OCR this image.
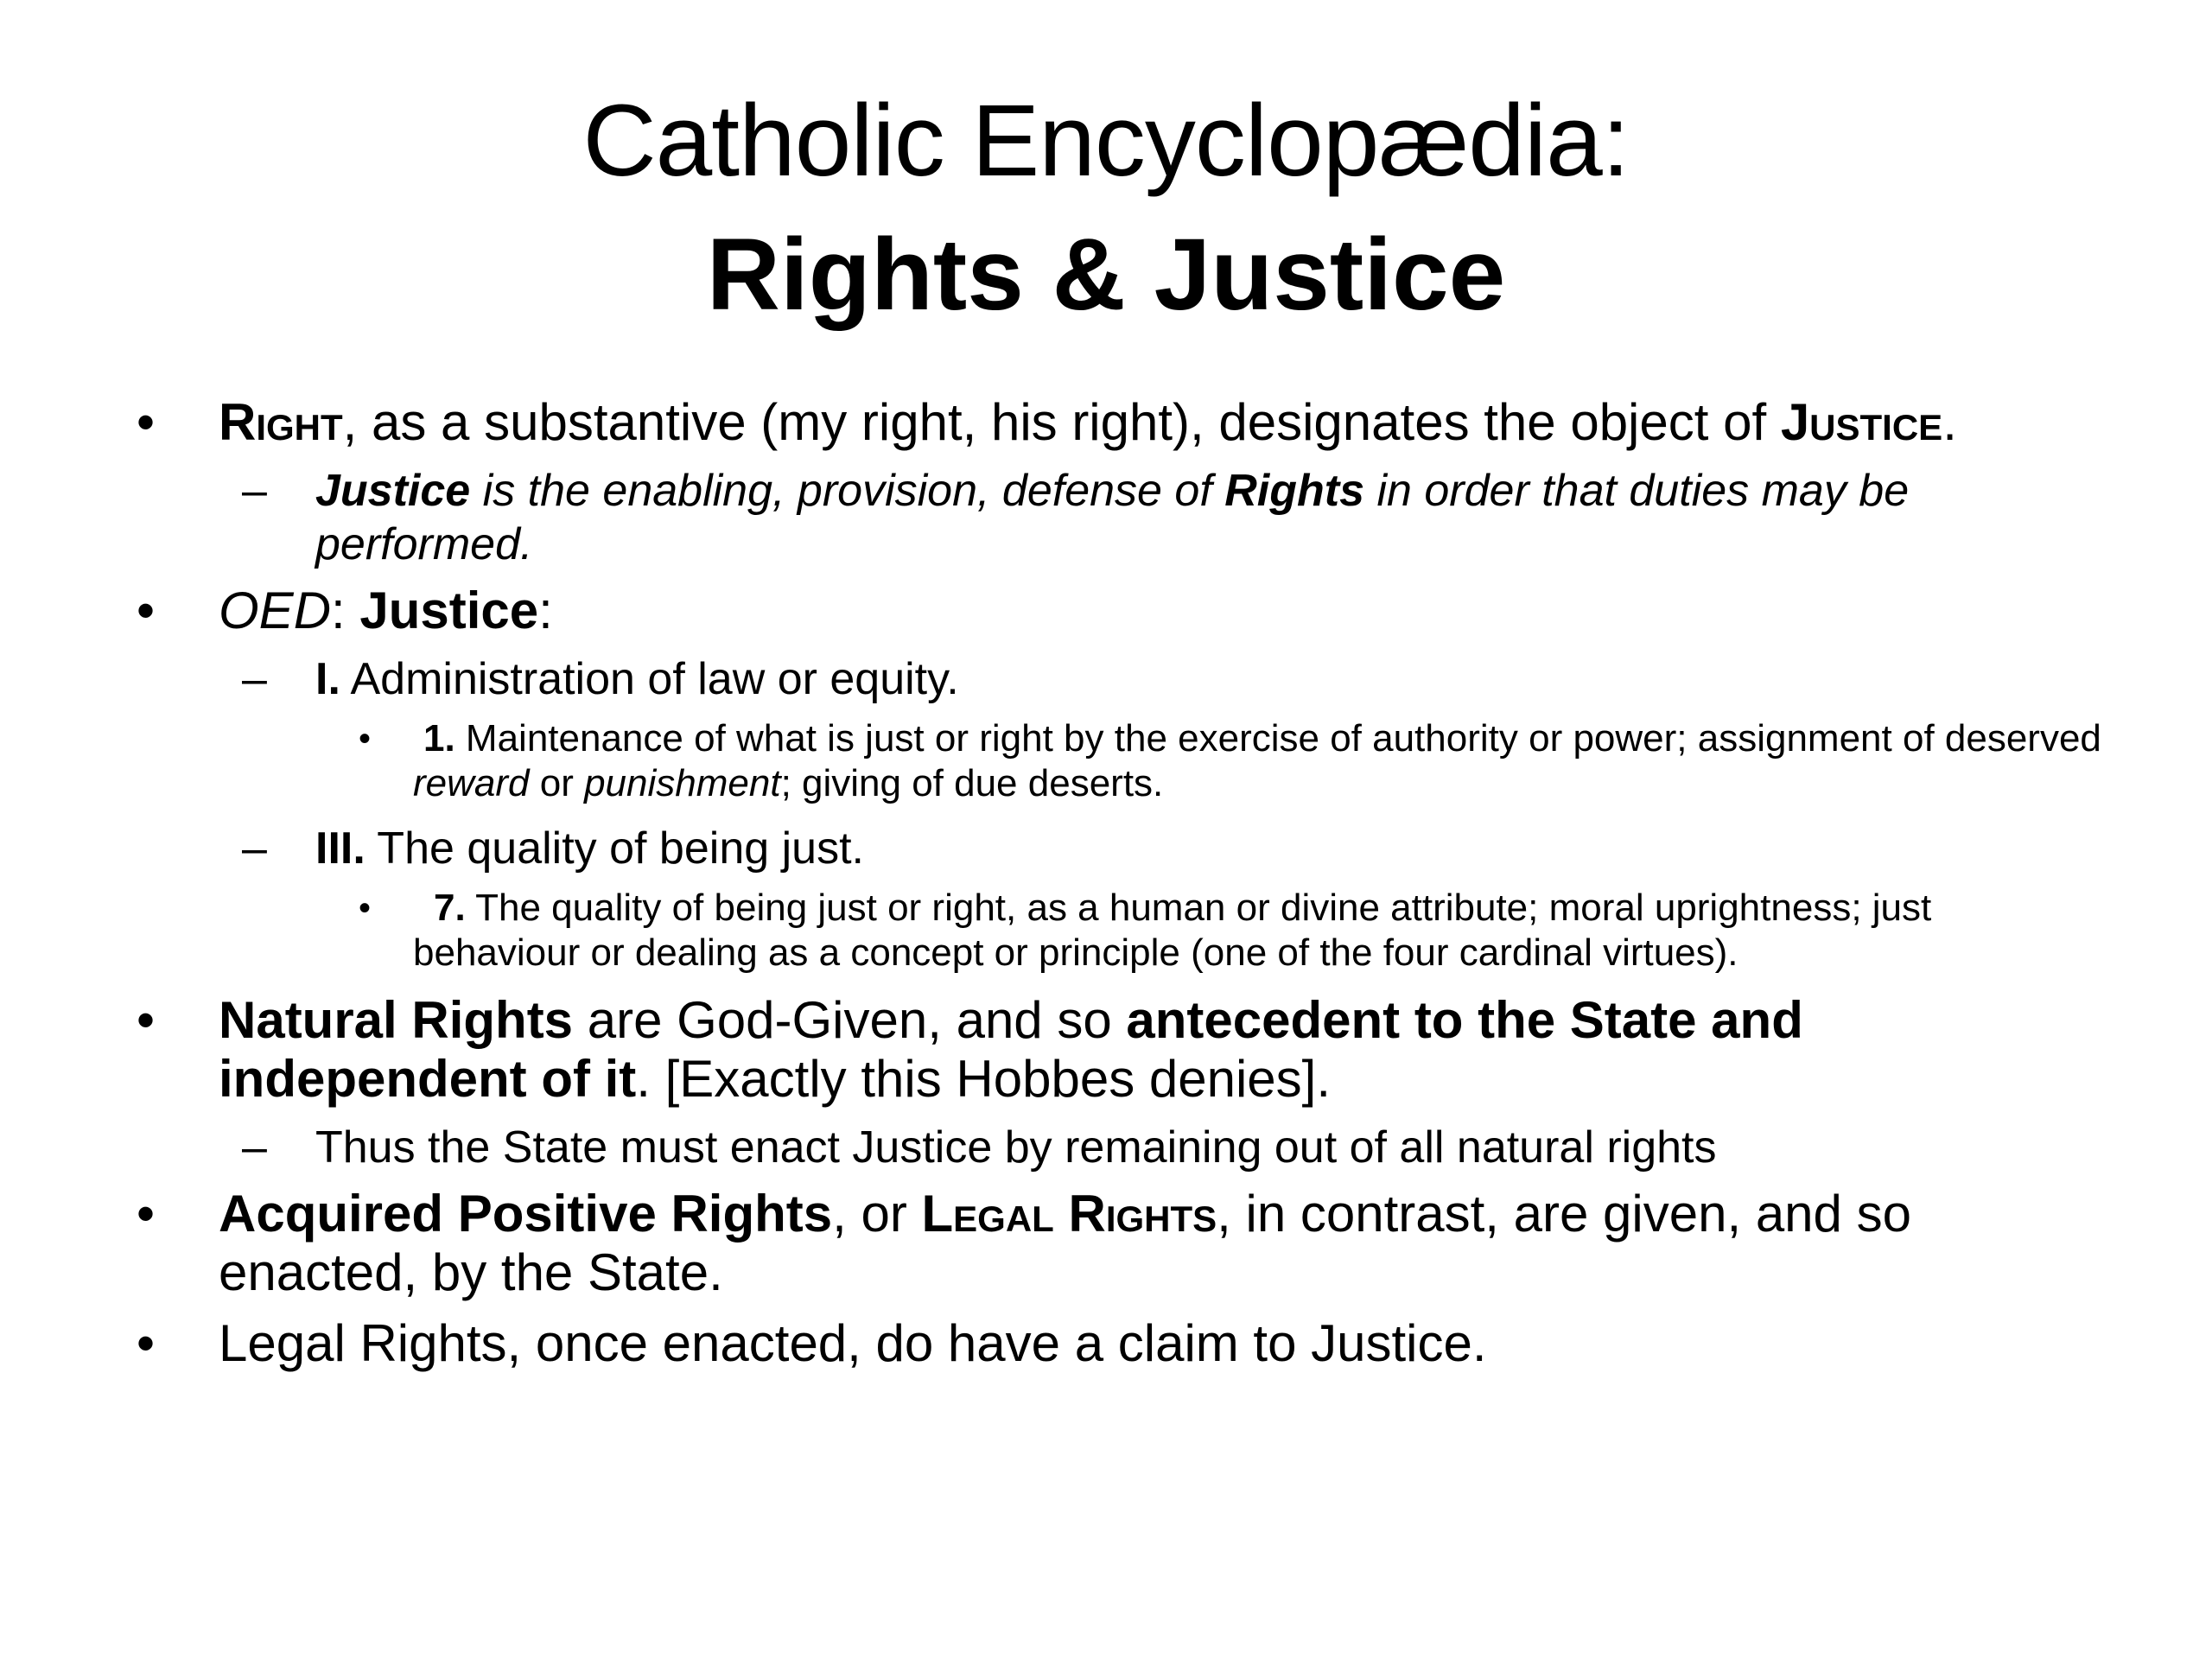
Catholic Encyclopædia:
Rights & Justice
• Right, as a substantive (my right, his right), designates the object of Justice.
– Justice is the enabling, provision, defense of Rights in order that duties may be performed.
• OED: Justice:
– I. Administration of law or equity.
• 1. Maintenance of what is just or right by the exercise of authority or power; assignment of deserved reward or punishment; giving of due deserts.
– III. The quality of being just.
• 7. The quality of being just or right, as a human or divine attribute; moral uprightness; just behaviour or dealing as a concept or principle (one of the four cardinal virtues).
• Natural Rights are God-Given, and so antecedent to the State and independent of it. [Exactly this Hobbes denies].
– Thus the State must enact Justice by remaining out of all natural rights
• Acquired Positive Rights, or Legal Rights, in contrast, are given, and so enacted, by the State.
• Legal Rights, once enacted, do have a claim to Justice.
